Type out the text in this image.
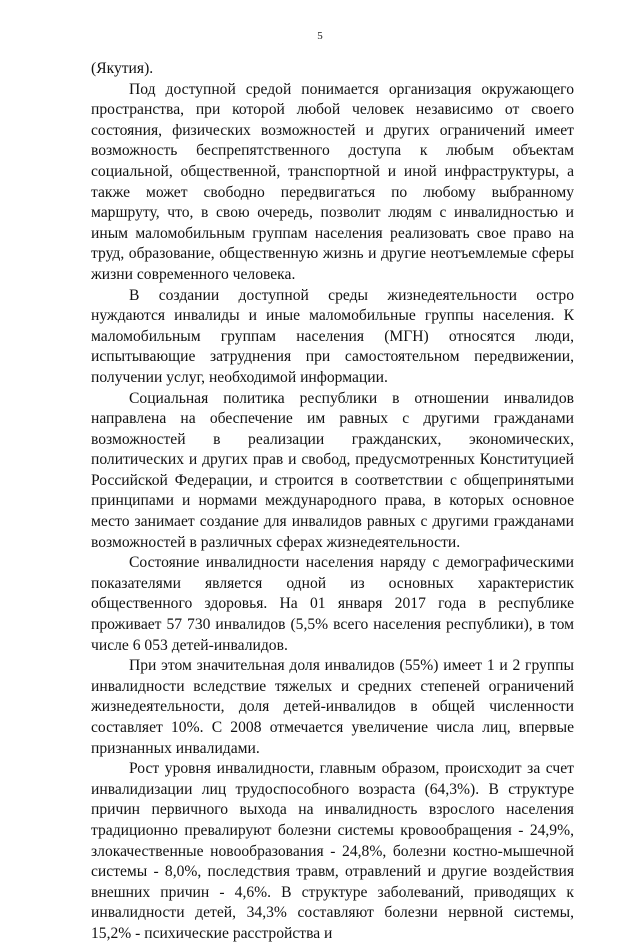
5

(Якутия).

Под доступной средой понимается организация окружающего пространства, при которой любой человек независимо от своего состояния, физических возможностей и других ограничений имеет возможность беспрепятственного доступа к любым объектам социальной, общественной, транспортной и иной инфраструктуры, а также может свободно передвигаться по любому выбранному маршруту, что, в свою очередь, позволит людям с инвалидностью и иным маломобильным группам населения реализовать свое право на труд, образование, общественную жизнь и другие неотъемлемые сферы жизни современного человека.

В создании доступной среды жизнедеятельности остро нуждаются инвалиды и иные маломобильные группы населения. К маломобильным группам населения (МГН) относятся люди, испытывающие затруднения при самостоятельном передвижении, получении услуг, необходимой информации.

Социальная политика республики в отношении инвалидов направлена на обеспечение им равных с другими гражданами возможностей в реализации гражданских, экономических, политических и других прав и свобод, предусмотренных Конституцией Российской Федерации, и строится в соответствии с общепринятыми принципами и нормами международного права, в которых основное место занимает создание для инвалидов равных с другими гражданами возможностей в различных сферах жизнедеятельности.

Состояние инвалидности населения наряду с демографическими показателями является одной из основных характеристик общественного здоровья. На 01 января 2017 года в республике проживает 57 730 инвалидов (5,5% всего населения республики), в том числе 6 053 детей-инвалидов.

При этом значительная доля инвалидов (55%) имеет 1 и 2 группы инвалидности вследствие тяжелых и средних степеней ограничений жизнедеятельности, доля детей-инвалидов в общей численности составляет 10%. С 2008 отмечается увеличение числа лиц, впервые признанных инвалидами.

Рост уровня инвалидности, главным образом, происходит за счет инвалидизации лиц трудоспособного возраста (64,3%). В структуре причин первичного выхода на инвалидность взрослого населения традиционно превалируют болезни системы кровообращения - 24,9%, злокачественные новообразования - 24,8%, болезни костно-мышечной системы - 8,0%, последствия травм, отравлений и другие воздействия внешних причин - 4,6%. В структуре заболеваний, приводящих к инвалидности детей, 34,3% составляют болезни нервной системы, 15,2% - психические расстройства и
